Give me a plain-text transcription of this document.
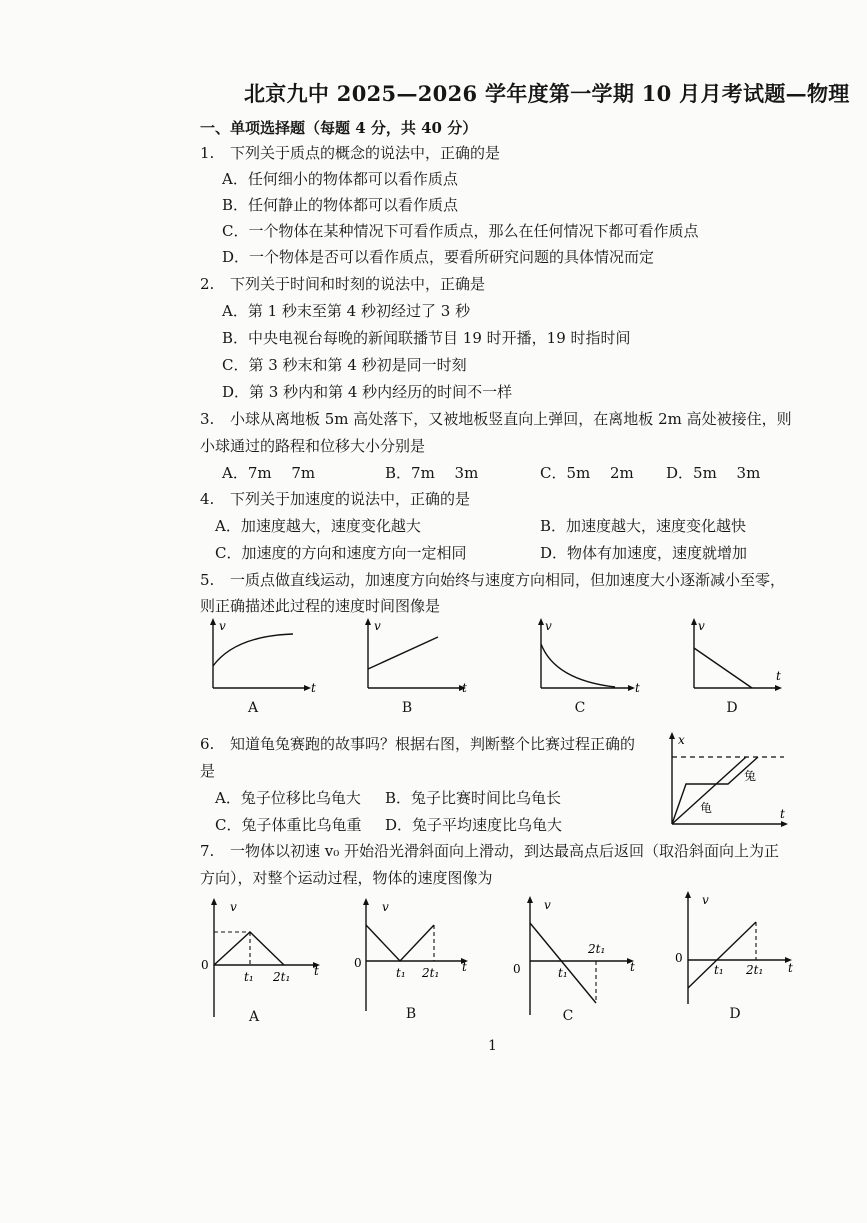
北京九中 2025—2026 学年度第一学期 10 月月考试题—物理
一、单项选择题（每题 4 分，共 40 分）
1. 下列关于质点的概念的说法中，正确的是
A．任何细小的物体都可以看作质点
B．任何静止的物体都可以看作质点
C．一个物体在某种情况下可看作质点，那么在任何情况下都可看作质点
D．一个物体是否可以看作质点，要看所研究问题的具体情况而定
2. 下列关于时间和时刻的说法中，正确是
A．第 1 秒末至第 4 秒初经过了 3 秒
B．中央电视台每晚的新闻联播节目 19 时开播，19 时指时间
C．第 3 秒末和第 4 秒初是同一时刻
D．第 3 秒内和第 4 秒内经历的时间不一样
3. 小球从离地板 5m 高处落下，又被地板竖直向上弹回，在离地板 2m 高处被接住，则
小球通过的路程和位移大小分别是
A．7m　 7m	B．7m　 3m	C．5m　 2m D．5m　 3m
4. 下列关于加速度的说法中，正确的是
A．加速度越大，速度变化越大	B．加速度越大，速度变化越快
C．加速度的方向和速度方向一定相同	D．物体有加速度，速度就增加
5. 一质点做直线运动，加速度方向始终与速度方向相同，但加速度大小逐渐减小至零，
则正确描述此过程的速度时间图像是
v
t
A
v
t
B
v
t
C
v
t
D
6. 知道龟兔赛跑的故事吗？根据右图，判断整个比赛过程正确的
是
A．兔子位移比乌龟大 B．兔子比赛时间比乌龟长
C．兔子体重比乌龟重 D．兔子平均速度比乌龟大
x
t
兔
龟
7. 一物体以初速 v₀ 开始沿光滑斜面向上滑动，到达最高点后返回（取沿斜面向上为正
方向），对整个运动过程，物体的速度图像为
v
0
t₁ 2t₁ t
A
v
0
t₁ 2t₁ t
B
v
0	t₁
2t₁
t
C
v
0
t₁ 2t₁ t
D
1
